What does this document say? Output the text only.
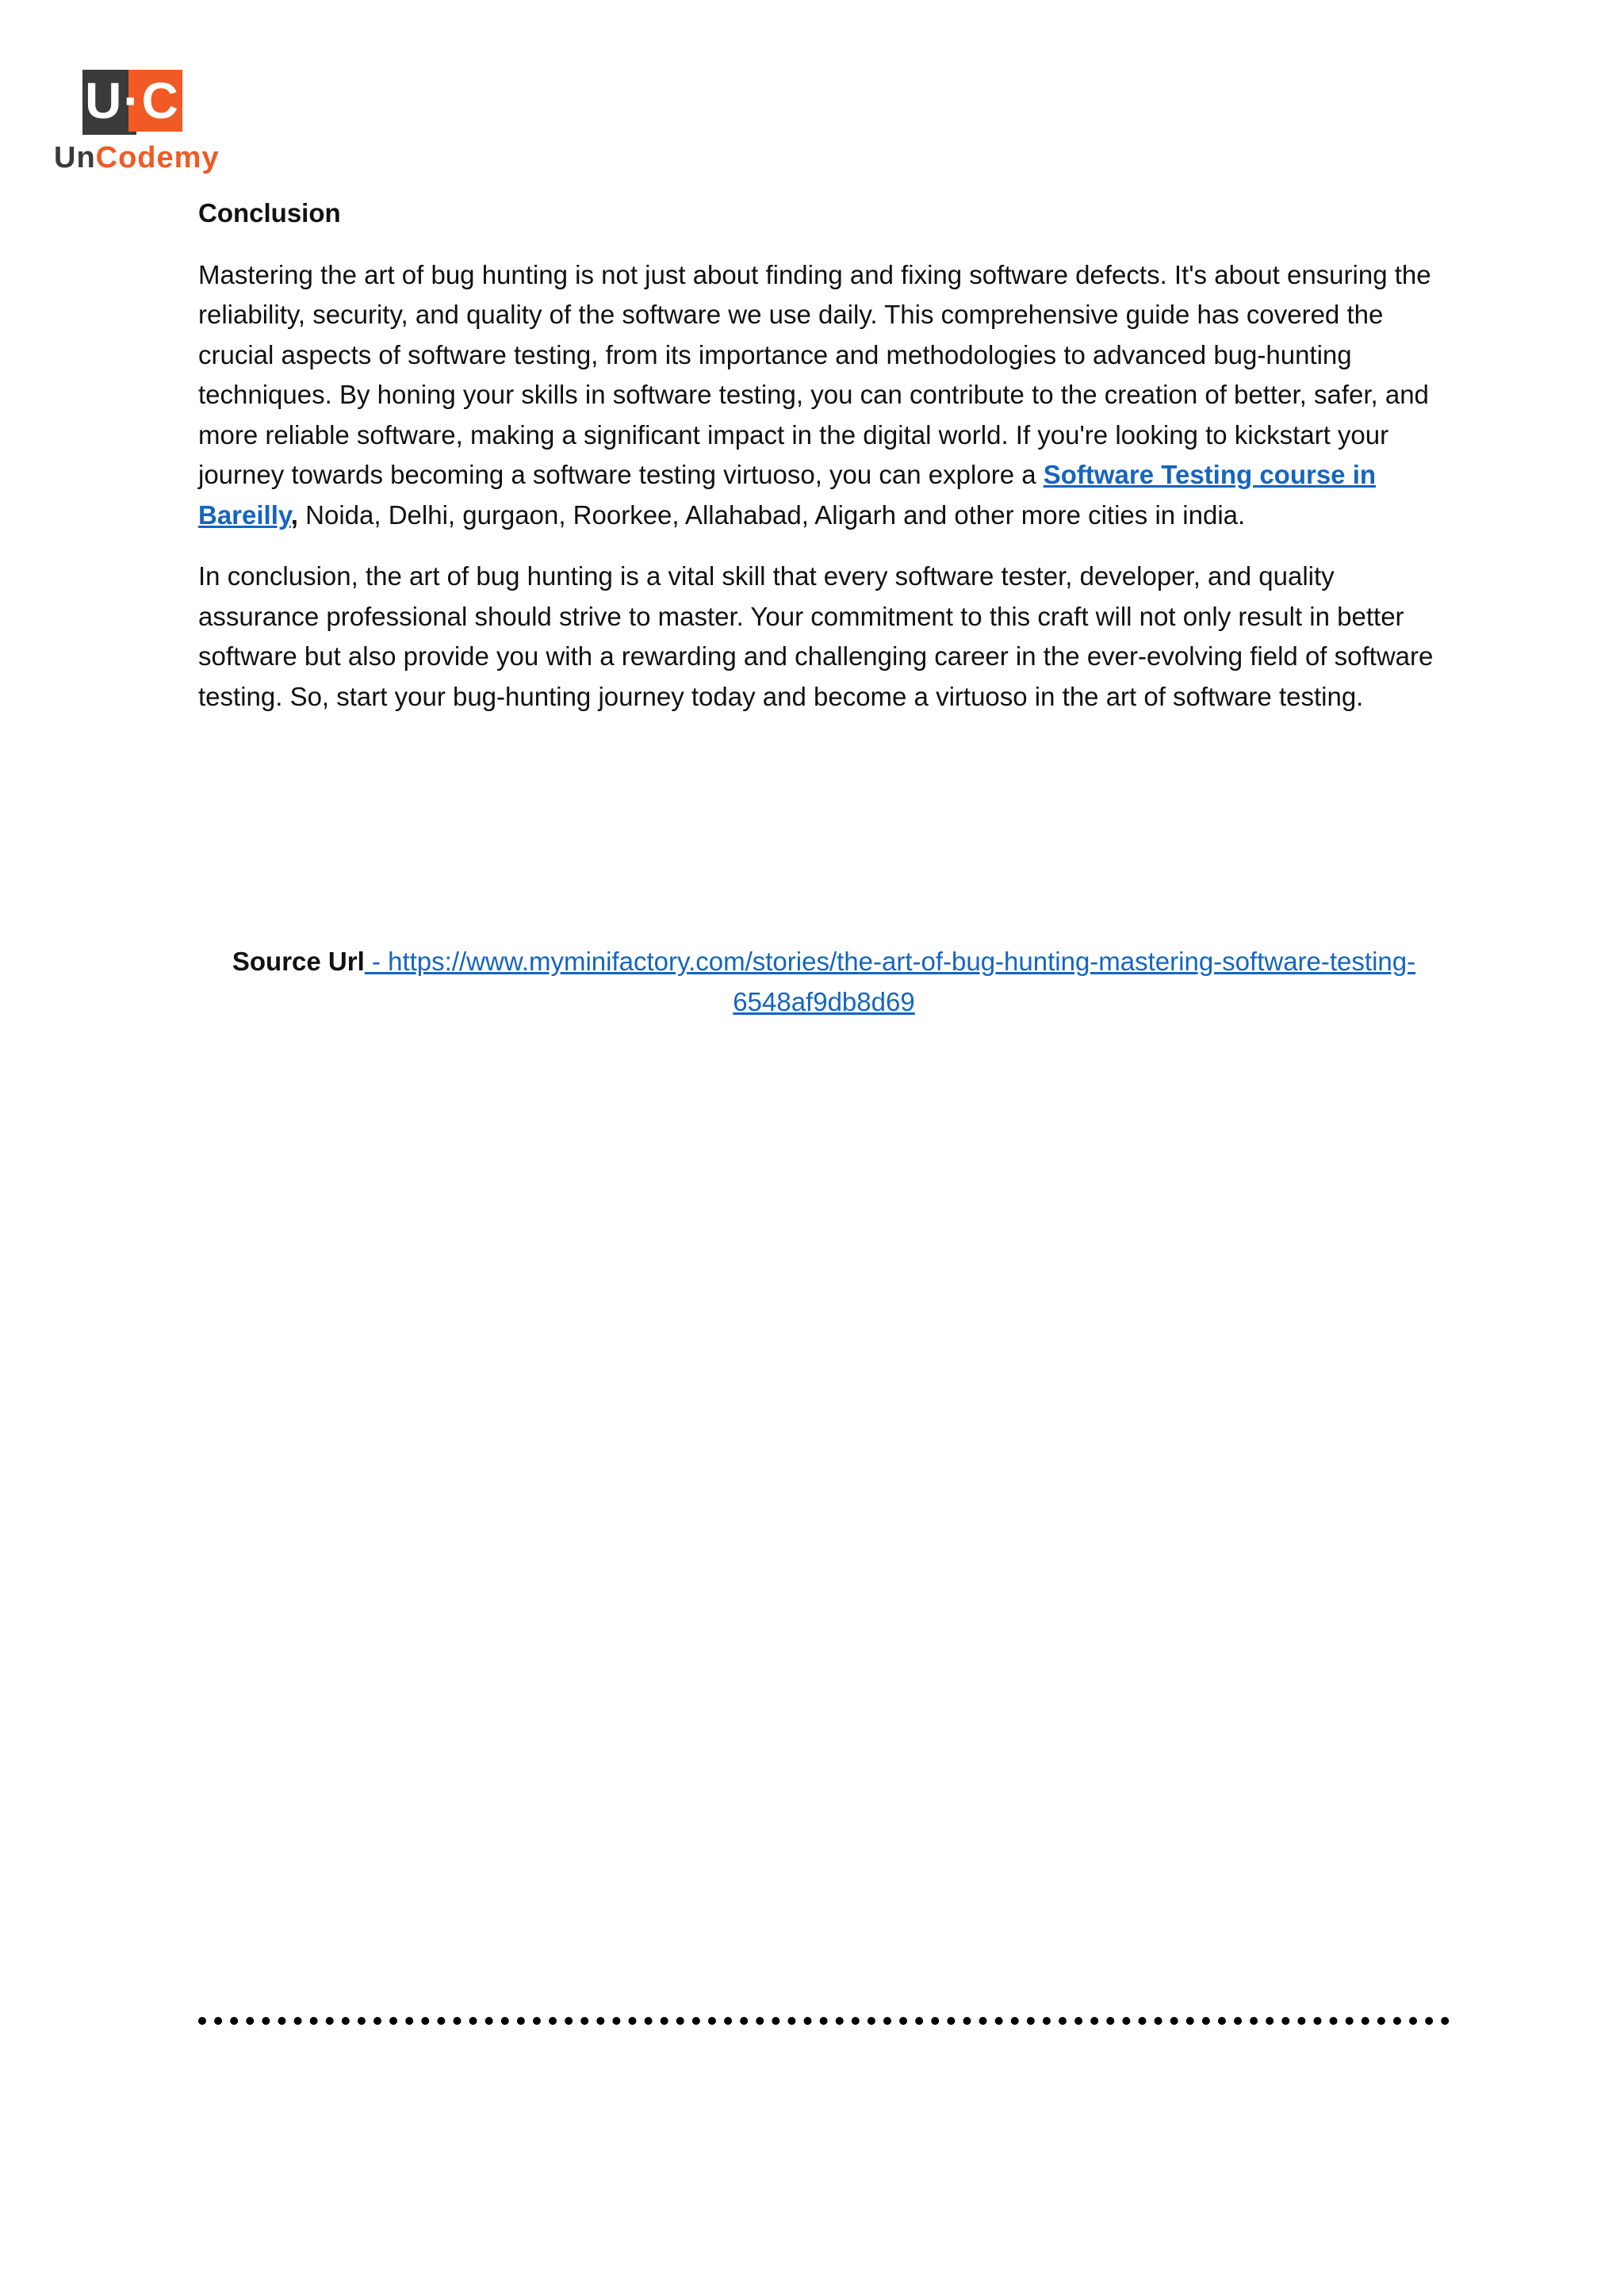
U·C
UnCodemy
Conclusion

Mastering the art of bug hunting is not just about finding and fixing software defects. It's about ensuring the reliability, security, and quality of the software we use daily. This comprehensive guide has covered the crucial aspects of software testing, from its importance and methodologies to advanced bug-hunting techniques. By honing your skills in software testing, you can contribute to the creation of better, safer, and more reliable software, making a significant impact in the digital world. If you're looking to kickstart your journey towards becoming a software testing virtuoso, you can explore a Software Testing course in Bareilly, Noida, Delhi, gurgaon, Roorkee, Allahabad, Aligarh and other more cities in india.

In conclusion, the art of bug hunting is a vital skill that every software tester, developer, and quality assurance professional should strive to master. Your commitment to this craft will not only result in better software but also provide you with a rewarding and challenging career in the ever-evolving field of software testing. So, start your bug-hunting journey today and become a virtuoso in the art of software testing.

Source Url - https://www.myminifactory.com/stories/the-art-of-bug-hunting-mastering-software-testing-6548af9db8d69
